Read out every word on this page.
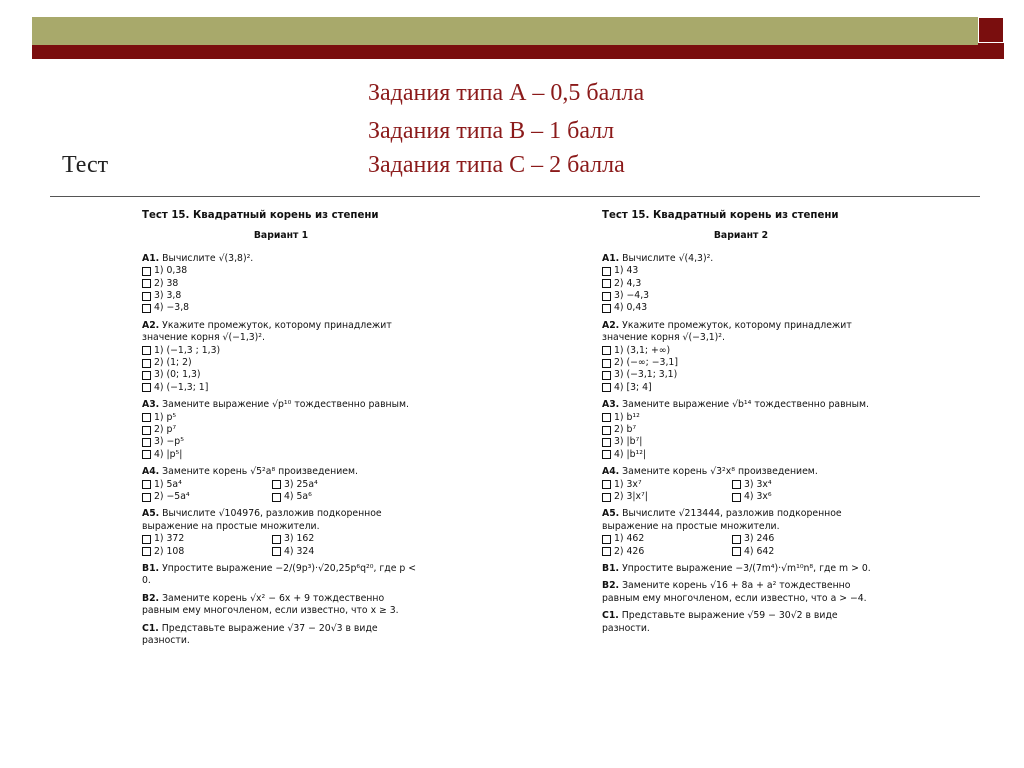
Задания типа А – 0,5 балла
Задания типа В – 1 балл
Задания типа С – 2 балла
Тест
Тест 15. Квадратный корень из степени
Вариант 1
А1. Вычислите √(3,8)².
1) 0,38
2) 38
3) 3,8
4) −3,8
А2. Укажите промежуток, которому принадлежит значение корня √(−1,3)².
1) (−1,3 ; 1,3)
2) (1; 2)
3) (0; 1,3)
4) (−1,3; 1]
А3. Замените выражение √p¹⁰ тождественно равным.
1) p⁵
2) p⁷
3) −p⁵
4) |p⁵|
А4. Замените корень √5²a⁸ произведением.
1) 5a⁴	3) 25a⁴
2) −5a⁴	4) 5a⁶
А5. Вычислите √104976, разложив подкоренное выражение на простые множители.
1) 372	3) 162
2) 108	4) 324
В1. Упростите выражение −2/(9p³)·√20,25p⁶q²⁰, где p < 0.
В2. Замените корень √x² − 6x + 9 тождественно равным ему многочленом, если известно, что x ≥ 3.
С1. Представьте выражение √37 − 20√3 в виде разности.
Тест 15. Квадратный корень из степени
Вариант 2
А1. Вычислите √(4,3)².
1) 43
2) 4,3
3) −4,3
4) 0,43
А2. Укажите промежуток, которому принадлежит значение корня √(−3,1)².
1) (3,1; +∞)
2) (−∞; −3,1]
3) (−3,1; 3,1)
4) [3; 4]
А3. Замените выражение √b¹⁴ тождественно равным.
1) b¹²
2) b⁷
3) |b⁷|
4) |b¹²|
А4. Замените корень √3²x⁸ произведением.
1) 3x⁷	3) 3x⁴
2) 3|x⁷|	4) 3x⁶
А5. Вычислите √213444, разложив подкоренное выражение на простые множители.
1) 462	3) 246
2) 426	4) 642
В1. Упростите выражение −3/(7m⁴)·√m¹⁰n⁸, где m > 0.
В2. Замените корень √16 + 8a + a² тождественно равным ему многочленом, если известно, что a > −4.
С1. Представьте выражение √59 − 30√2 в виде разности.
